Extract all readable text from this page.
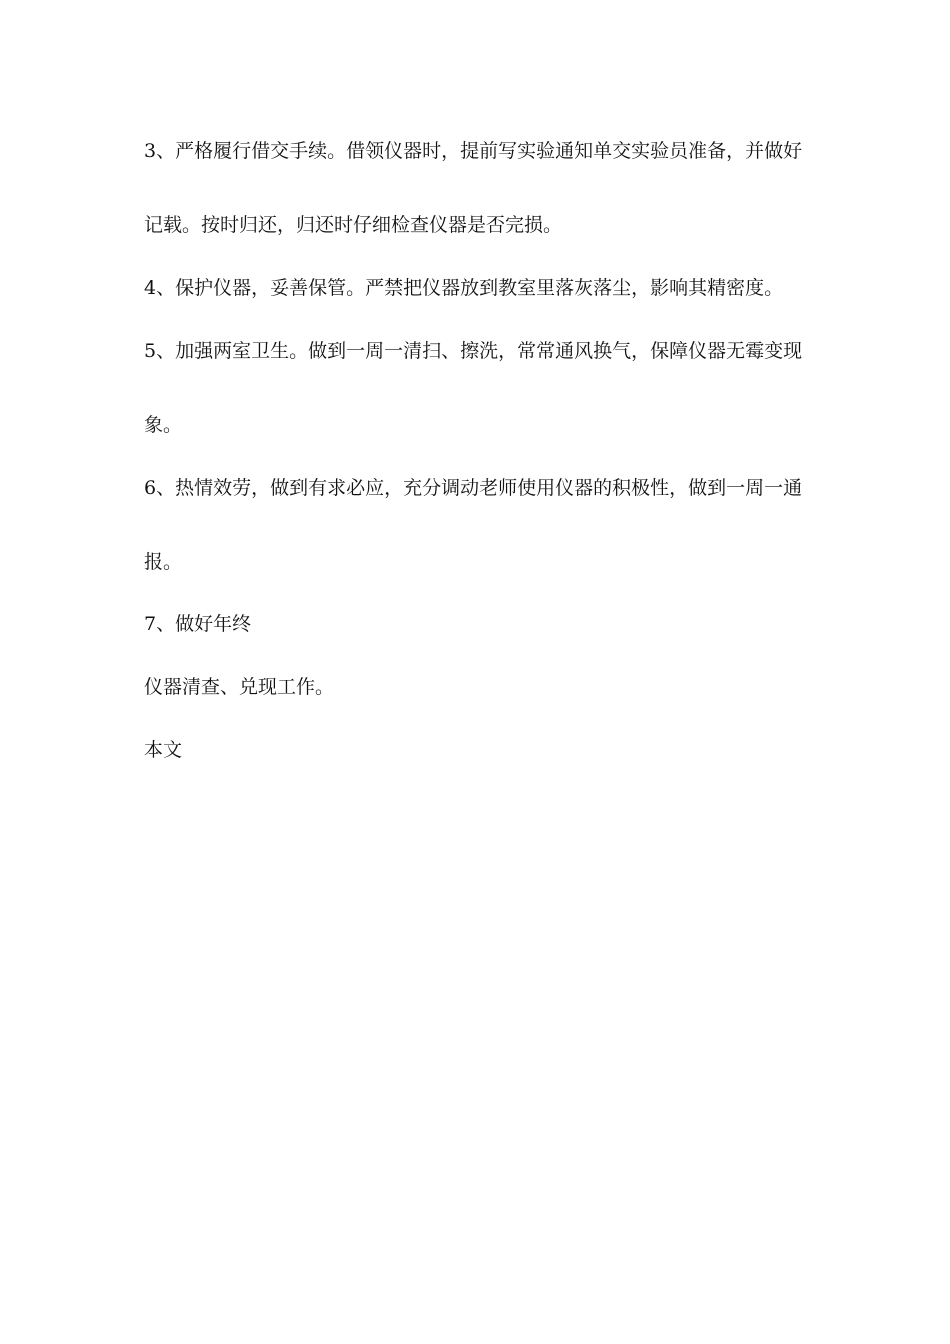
3、严格履行借交手续。借领仪器时，提前写实验通知单交实验员准备，并做好
记载。按时归还，归还时仔细检查仪器是否完损。
4、保护仪器，妥善保管。严禁把仪器放到教室里落灰落尘，影响其精密度。
5、加强两室卫生。做到一周一清扫、擦洗，常常通风换气，保障仪器无霉变现
象。
6、热情效劳，做到有求必应，充分调动老师使用仪器的积极性，做到一周一通
报。
7、做好年终
仪器清查、兑现工作。
本文
